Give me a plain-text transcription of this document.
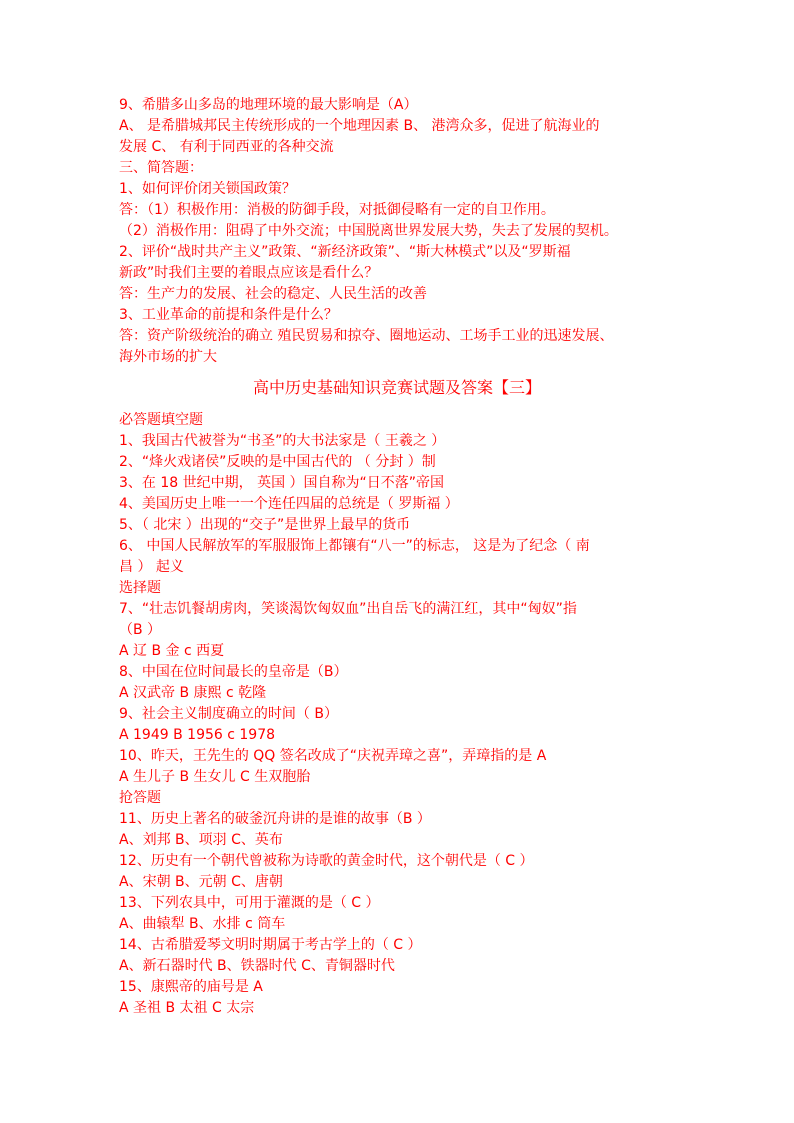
9、希腊多山多岛的地理环境的最大影响是（A）
A、 是希腊城邦民主传统形成的一个地理因素 B、 港湾众多，促进了航海业的
发展 C、 有利于同西亚的各种交流
三、简答题：
1、如何评价闭关锁国政策？
答：（1）积极作用：消极的防御手段，对抵御侵略有一定的自卫作用。
（2）消极作用：阻碍了中外交流；中国脱离世界发展大势，失去了发展的契机。
2、评价“战时共产主义”政策、“新经济政策”、“斯大林模式”以及“罗斯福
新政”时我们主要的着眼点应该是看什么？
答：生产力的发展、社会的稳定、人民生活的改善
3、工业革命的前提和条件是什么？
答：资产阶级统治的确立 殖民贸易和掠夺、圈地运动、工场手工业的迅速发展、
海外市场的扩大
高中历史基础知识竞赛试题及答案【三】
必答题填空题
1、我国古代被誉为“书圣”的大书法家是（ 王羲之 ）
2、“烽火戏诸侯”反映的是中国古代的 （ 分封 ）制
3、在 18 世纪中期， 英国 ）国自称为“日不落”帝国
4、美国历史上唯一一个连任四届的总统是（ 罗斯福 ）
5、（ 北宋 ）出现的“交子”是世界上最早的货币
6、 中国人民解放军的军服服饰上都镶有“八一”的标志， 这是为了纪念（ 南
昌 ） 起义
选择题
7、“壮志饥餐胡虏肉，笑谈渴饮匈奴血”出自岳飞的满江红，其中“匈奴”指
（B ）
A 辽 B 金 c 西夏
8、中国在位时间最长的皇帝是（B）
A 汉武帝 B 康熙 c 乾隆
9、社会主义制度确立的时间（ B）
A 1949 B 1956 c 1978
10、昨天，王先生的 QQ 签名改成了“庆祝弄璋之喜”，弄璋指的是 A
A 生儿子 B 生女儿 C 生双胞胎
抢答题
11、历史上著名的破釜沉舟讲的是谁的故事（B ）
A、刘邦 B、项羽 C、英布
12、历史有一个朝代曾被称为诗歌的黄金时代，这个朝代是（ C ）
A、宋朝 B、元朝 C、唐朝
13、下列农具中，可用于灌溉的是（ C ）
A、曲辕犁 B、水排 c 筒车
14、古希腊爱琴文明时期属于考古学上的（ C ）
A、新石器时代 B、铁器时代 C、青铜器时代
15、康熙帝的庙号是 A
A 圣祖 B 太祖 C 太宗
